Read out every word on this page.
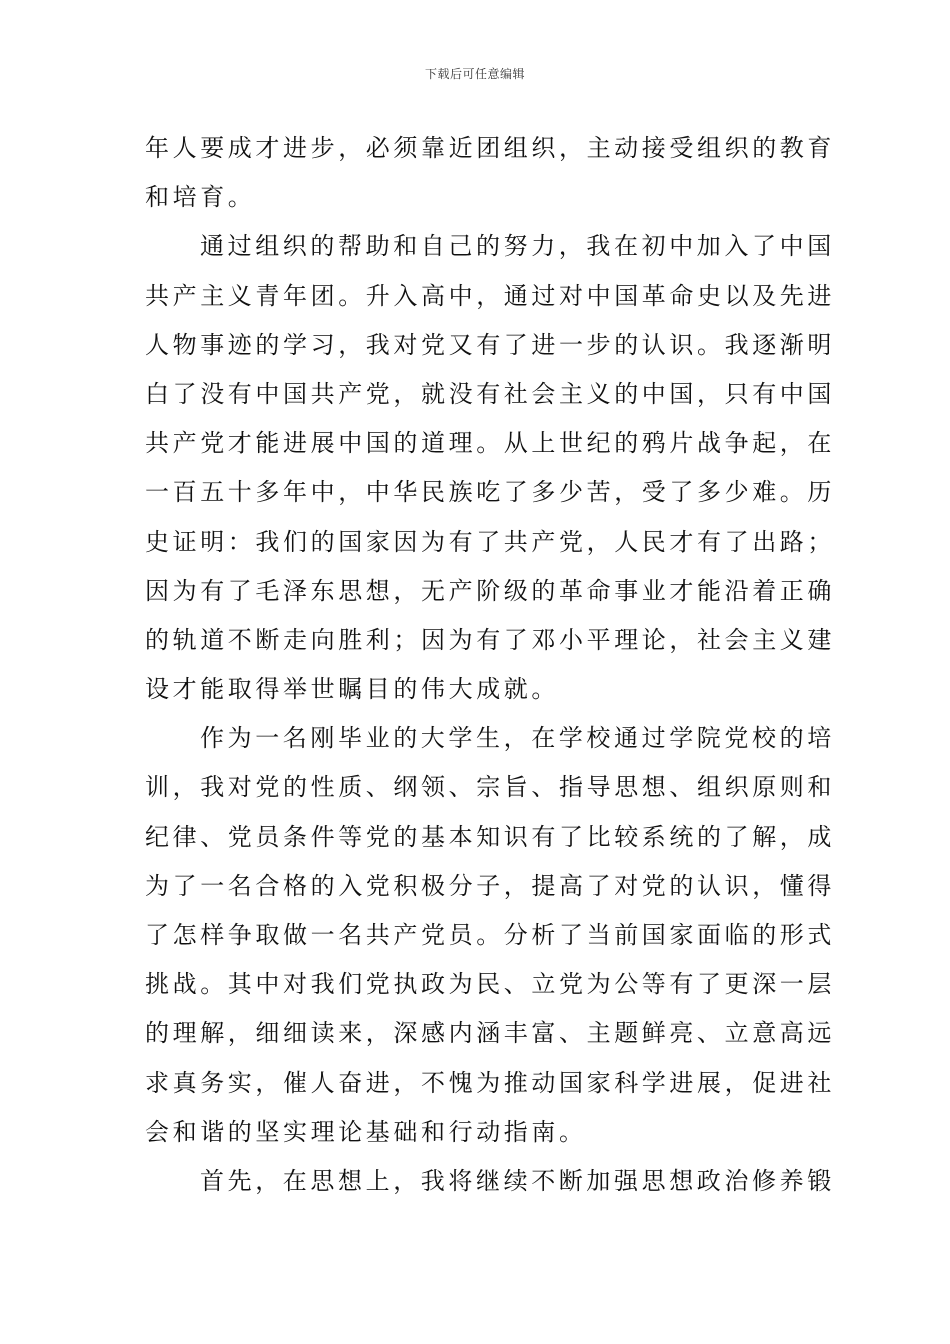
下载后可任意编辑

年人要成才进步，必须靠近团组织，主动接受组织的教育
和培育。

通过组织的帮助和自己的努力，我在初中加入了中国
共产主义青年团。升入高中，通过对中国革命史以及先进
人物事迹的学习，我对党又有了进一步的认识。我逐渐明
白了没有中国共产党，就没有社会主义的中国，只有中国
共产党才能进展中国的道理。从上世纪的鸦片战争起，在
一百五十多年中，中华民族吃了多少苦，受了多少难。历
史证明：我们的国家因为有了共产党，人民才有了出路；
因为有了毛泽东思想，无产阶级的革命事业才能沿着正确
的轨道不断走向胜利；因为有了邓小平理论，社会主义建
设才能取得举世瞩目的伟大成就。

作为一名刚毕业的大学生，在学校通过学院党校的培
训，我对党的性质、纲领、宗旨、指导思想、组织原则和
纪律、党员条件等党的基本知识有了比较系统的了解，成
为了一名合格的入党积极分子，提高了对党的认识，懂得
了怎样争取做一名共产党员。分析了当前国家面临的形式
挑战。其中对我们党执政为民、立党为公等有了更深一层
的理解，细细读来，深感内涵丰富、主题鲜亮、立意高远
求真务实，催人奋进，不愧为推动国家科学进展，促进社
会和谐的坚实理论基础和行动指南。

首先，在思想上，我将继续不断加强思想政治修养锻
